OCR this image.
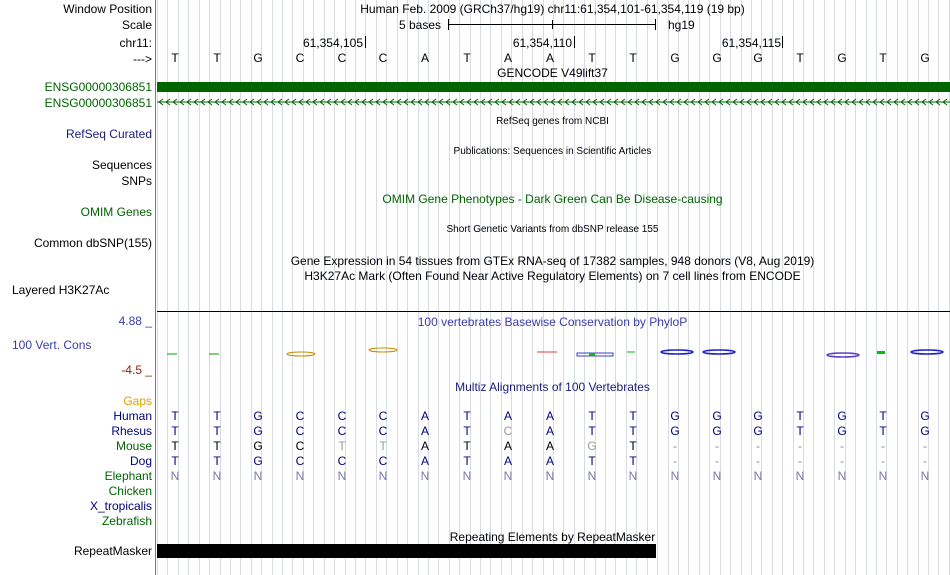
Window Position
Scale
chr11:
--->
ENSG00000306851
ENSG00000306851
RefSeq Curated
Sequences
SNPs
OMIM Genes
Common dbSNP(155)
Layered H3K27Ac
4.88 _
100 Vert. Cons
-4.5 _
Gaps
Human
Rhesus
Mouse
Dog
Elephant
Chicken
X_tropicalis
Zebrafish
RepeatMasker
Human Feb. 2009 (GRCh37/hg19) chr11:61,354,101-61,354,119 (19 bp)
5 bases	hg19
61,354,105	61,354,110	61,354,115
T	T	G	C	C	C	A	T	A	A	T	T	G	G	G	T	G	T	G
GENCODE V49lift37
RefSeq genes from NCBI
Publications: Sequences in Scientific Articles
OMIM Gene Phenotypes - Dark Green Can Be Disease-causing
Short Genetic Variants from dbSNP release 155
Gene Expression in 54 tissues from GTEx RNA-seq of 17382 samples, 948 donors (V8, Aug 2019)
H3K27Ac Mark (Often Found Near Active Regulatory Elements) on 7 cell lines from ENCODE
100 vertebrates Basewise Conservation by PhyloP
Multiz Alignments of 100 Vertebrates
T	T	G	C	C	C	A	T	A	A	T	T	G	G	G	T	G	T	G
T	T	G	C	C	C	A	T	C	A	T	T	G	G	G	T	G	T	G
T	T	G	C	T	T	A	T	A	A	G	T	-	-	-	-	-	-	-
T	T	G	C	C	C	A	T	A	A	T	T	-	-	-	-	-	-	-
N	N	N	N	N	N	N	N	N	N	N	N	N	N	N	N	N	N	N
Repeating Elements by RepeatMasker
